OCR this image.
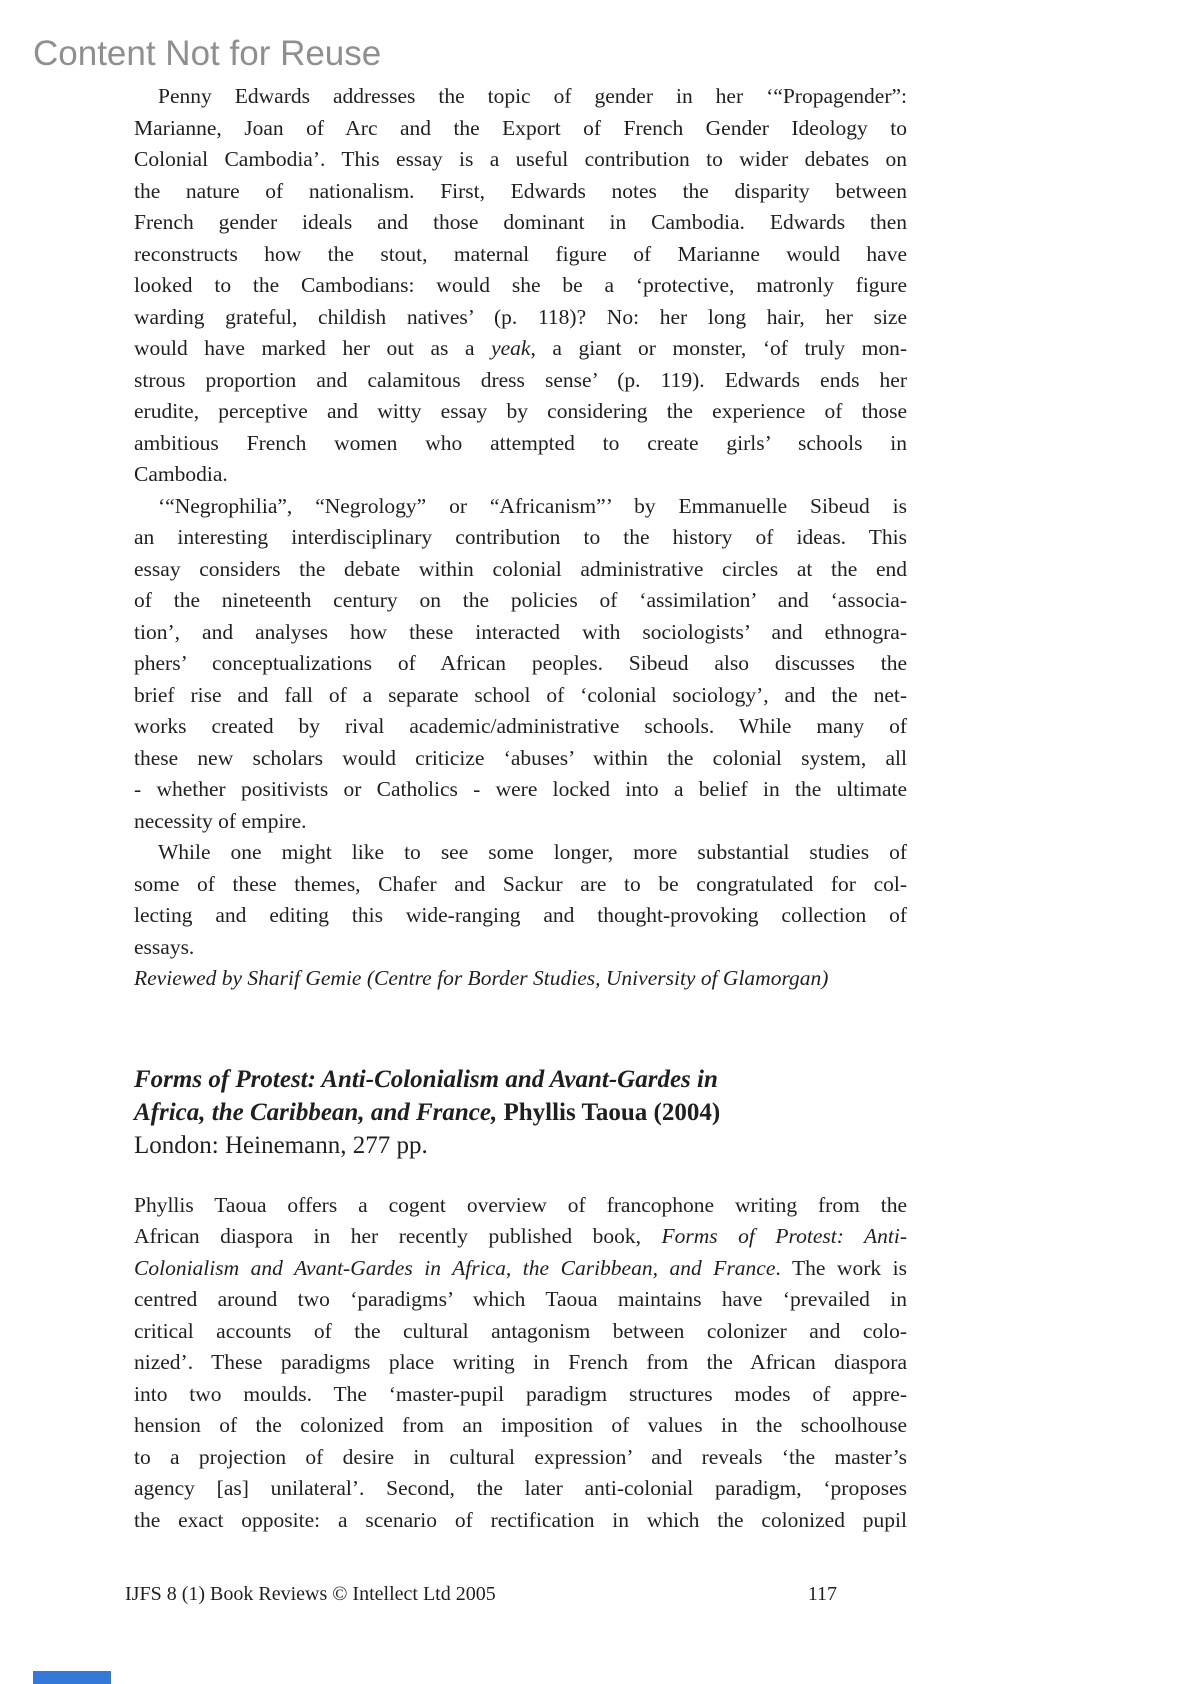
Content Not for Reuse

Penny Edwards addresses the topic of gender in her ‘“Propagender”:
Marianne, Joan of Arc and the Export of French Gender Ideology to
Colonial Cambodia’. This essay is a useful contribution to wider debates on
the nature of nationalism. First, Edwards notes the disparity between
French gender ideals and those dominant in Cambodia. Edwards then
reconstructs how the stout, maternal figure of Marianne would have
looked to the Cambodians: would she be a ‘protective, matronly figure
warding grateful, childish natives’ (p. 118)? No: her long hair, her size
would have marked her out as a yeak, a giant or monster, ‘of truly mon-
strous proportion and calamitous dress sense’ (p. 119). Edwards ends her
erudite, perceptive and witty essay by considering the experience of those
ambitious French women who attempted to create girls’ schools in
Cambodia.

‘“Negrophilia”, “Negrology” or “Africanism”’ by Emmanuelle Sibeud is
an interesting interdisciplinary contribution to the history of ideas. This
essay considers the debate within colonial administrative circles at the end
of the nineteenth century on the policies of ‘assimilation’ and ‘associa-
tion’, and analyses how these interacted with sociologists’ and ethnogra-
phers’ conceptualizations of African peoples. Sibeud also discusses the
brief rise and fall of a separate school of ‘colonial sociology’, and the net-
works created by rival academic/administrative schools. While many of
these new scholars would criticize ‘abuses’ within the colonial system, all
- whether positivists or Catholics - were locked into a belief in the ultimate
necessity of empire.

While one might like to see some longer, more substantial studies of
some of these themes, Chafer and Sackur are to be congratulated for col-
lecting and editing this wide-ranging and thought-provoking collection of
essays.

Reviewed by Sharif Gemie (Centre for Border Studies, University of Glamorgan)

Forms of Protest: Anti-Colonialism and Avant-Gardes in
Africa, the Caribbean, and France, Phyllis Taoua (2004)
London: Heinemann, 277 pp.

Phyllis Taoua offers a cogent overview of francophone writing from the
African diaspora in her recently published book, Forms of Protest: Anti-
Colonialism and Avant-Gardes in Africa, the Caribbean, and France. The work is
centred around two ‘paradigms’ which Taoua maintains have ‘prevailed in
critical accounts of the cultural antagonism between colonizer and colo-
nized’. These paradigms place writing in French from the African diaspora
into two moulds. The ‘master-pupil paradigm structures modes of appre-
hension of the colonized from an imposition of values in the schoolhouse
to a projection of desire in cultural expression’ and reveals ‘the master’s
agency [as] unilateral’. Second, the later anti-colonial paradigm, ‘proposes
the exact opposite: a scenario of rectification in which the colonized pupil

IJFS 8 (1) Book Reviews © Intellect Ltd 2005	117
